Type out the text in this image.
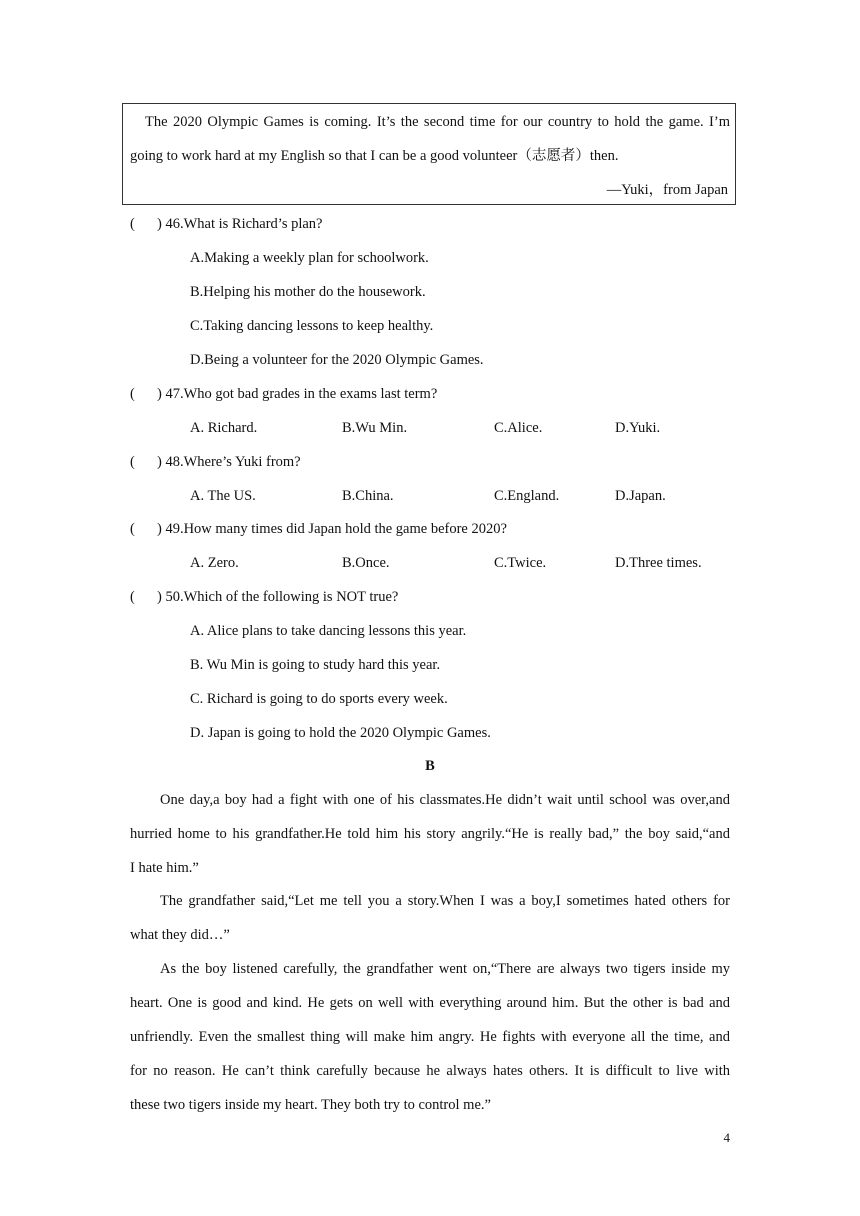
The 2020 Olympic Games is coming. It’s the second time for our country to hold the game. I’m
going to work hard at my English so that I can be a good volunteer（志愿者）then.
—Yuki，from Japan
( ) 46.What is Richard’s plan?
A.Making a weekly plan for schoolwork.
B.Helping his mother do the housework.
C.Taking dancing lessons to keep healthy.
D.Being a volunteer for the 2020 Olympic Games.
( ) 47.Who got bad grades in the exams last term?
A. Richard.	B.Wu Min.	C.Alice.	D.Yuki.
( ) 48.Where’s Yuki from?
A. The US.	B.China.	C.England.	D.Japan.
( ) 49.How many times did Japan hold the game before 2020?
A. Zero.	B.Once.	C.Twice.	D.Three times.
( ) 50.Which of the following is NOT true?
A. Alice plans to take dancing lessons this year.
B. Wu Min is going to study hard this year.
C. Richard is going to do sports every week.
D. Japan is going to hold the 2020 Olympic Games.
B
One day,a boy had a fight with one of his classmates.He didn’t wait until school was over,and
hurried home to his grandfather.He told him his story angrily.“He is really bad,” the boy said,“and
I hate him.”
The grandfather said,“Let me tell you a story.When I was a boy,I sometimes hated others for
what they did…”
As the boy listened carefully, the grandfather went on,“There are always two tigers inside my
heart. One is good and kind. He gets on well with everything around him. But the other is bad and
unfriendly. Even the smallest thing will make him angry. He fights with everyone all the time, and
for no reason. He can’t think carefully because he always hates others. It is difficult to live with
these two tigers inside my heart. They both try to control me.”
4
